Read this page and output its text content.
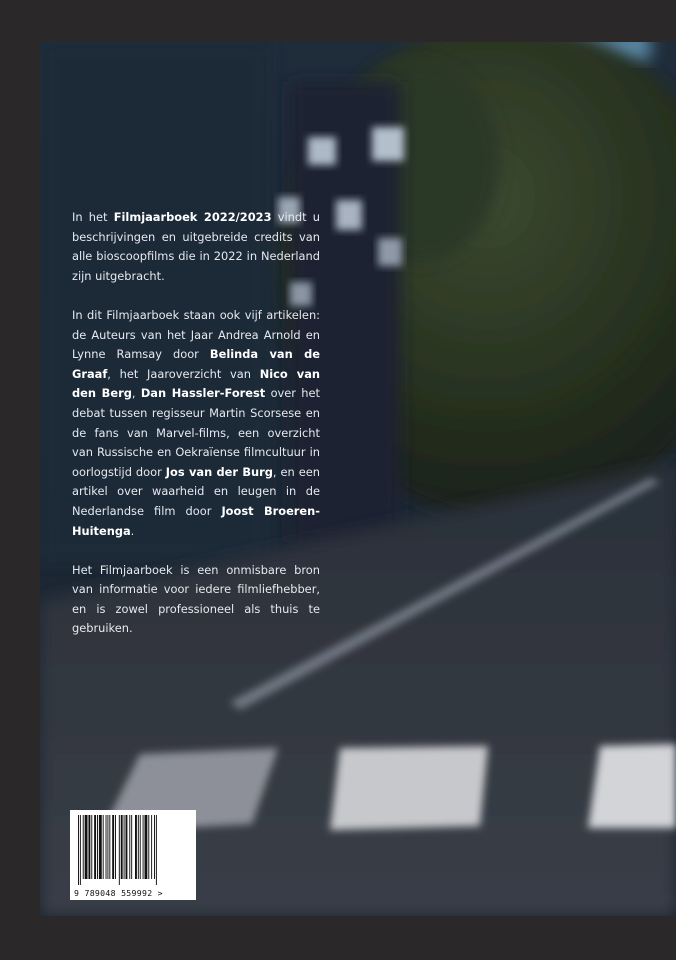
In het Filmjaarboek 2022/2023 vindt u beschrijvingen en uitgebreide credits van alle bioscoopfilms die in 2022 in Nederland zijn uitgebracht.

In dit Filmjaarboek staan ook vijf artikelen: de Auteurs van het Jaar Andrea Arnold en Lynne Ramsay door Belinda van de Graaf, het Jaaroverzicht van Nico van den Berg, Dan Hassler-Forest over het debat tussen regisseur Martin Scorsese en de fans van Marvel-films, een overzicht van Russische en Oekraïense filmcultuur in oorlogstijd door Jos van der Burg, en een artikel over waarheid en leugen in de Nederlandse film door Joost Broeren-Huitenga.

Het Filmjaarboek is een onmisbare bron van informatie voor iedere filmliefhebber, en is zowel professioneel als thuis te gebruiken.

9 789048 559992 >
